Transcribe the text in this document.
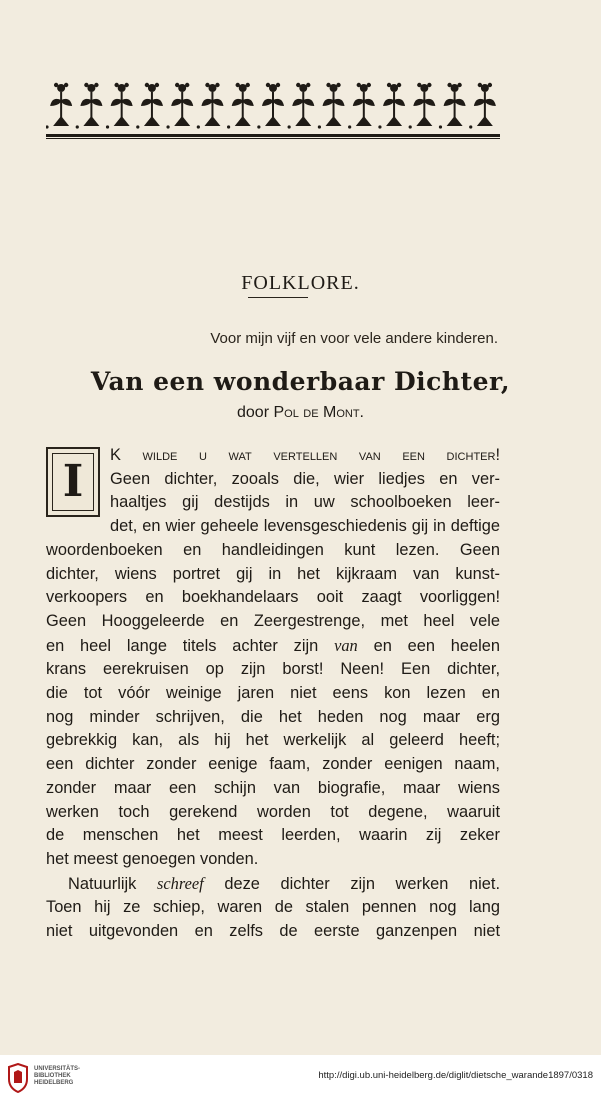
FOLKLORE.
Voor mijn vijf en voor vele andere kinderen.
Van een wonderbaar Dichter,
door Pol de Mont.
I
K wilde u wat vertellen van een dichter!
Geen dichter, zooals die, wier liedjes en ver-
haaltjes gij destijds in uw schoolboeken leer-
det, en wier geheele levensgeschiedenis gij in deftige
woordenboeken en handleidingen kunt lezen. Geen
dichter, wiens portret gij in het kijkraam van kunst-
verkoopers en boekhandelaars ooit zaagt voorliggen!
Geen Hooggeleerde en Zeergestrenge, met heel vele
en heel lange titels achter zijn van en een heelen
krans eerekruisen op zijn borst! Neen! Een dichter,
die tot vóór weinige jaren niet eens kon lezen en
nog minder schrijven, die het heden nog maar erg
gebrekkig kan, als hij het werkelijk al geleerd heeft;
een dichter zonder eenige faam, zonder eenigen naam,
zonder maar een schijn van biografie, maar wiens
werken toch gerekend worden tot degene, waaruit
de menschen het meest leerden, waarin zij zeker
het meest genoegen vonden.
Natuurlijk schreef deze dichter zijn werken niet.
Toen hij ze schiep, waren de stalen pennen nog lang
niet uitgevonden en zelfs de eerste ganzenpen niet
UNIVERSITÄTS-
BIBLIOTHEK
HEIDELBERG
http://digi.ub.uni-heidelberg.de/diglit/dietsche_warande1897/0318
